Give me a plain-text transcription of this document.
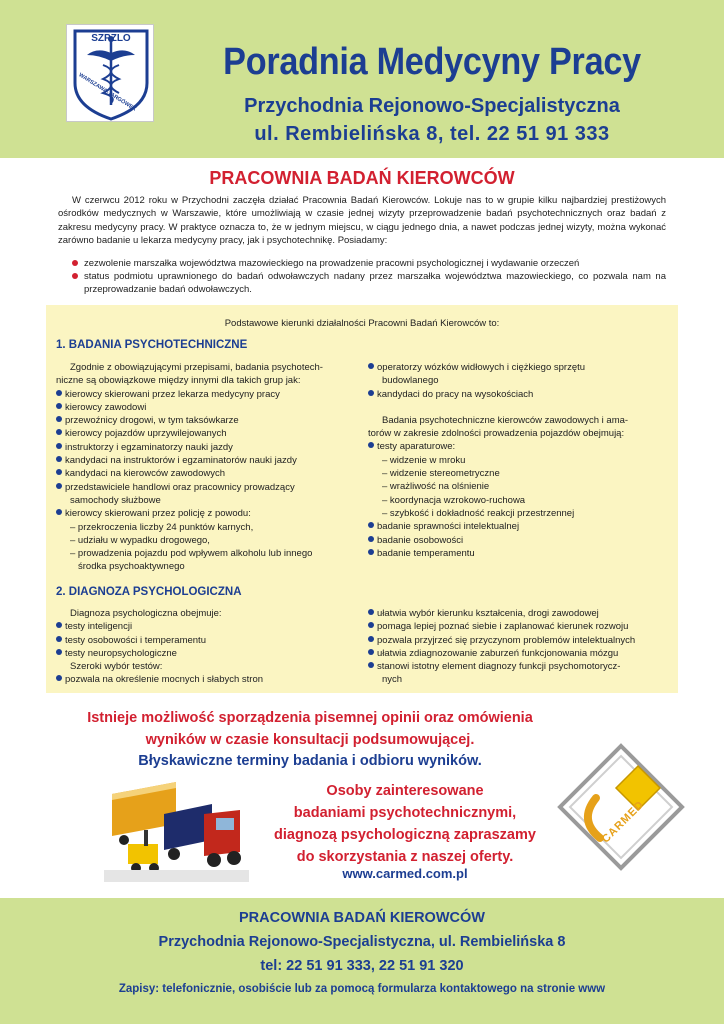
SZPZLO
WARSZAWA-TARGÓWEK
Poradnia Medycyny Pracy
Przychodnia Rejonowo-Specjalistyczna
ul. Rembielińska 8, tel. 22 51 91 333
PRACOWNIA BADAŃ KIEROWCÓW
W czerwcu 2012 roku w Przychodni zaczęła działać Pracownia Badań Kierowców. Lokuje nas to w grupie kilku najbardziej prestiżowych ośrodków medycznych w Warszawie, które umożliwiają w czasie jednej wizyty przeprowadzenie badań psychotechnicznych oraz badań z zakresu medycyny pracy. W praktyce oznacza to, że w jednym miejscu, w ciągu jednego dnia, a nawet podczas jednej wizyty, można wykonać zarówno badanie u lekarza medycyny pracy, jak i psychotechnikę. Posiadamy:
zezwolenie marszałka województwa mazowieckiego na prowadzenie pracowni psychologicznej i wydawanie orzeczeń
status podmiotu uprawnionego do badań odwoławczych nadany przez marszałka województwa mazowieckiego, co pozwala nam na przeprowadzanie badań odwoławczych.
Podstawowe kierunki działalności Pracowni Badań Kierowców to:
1. BADANIA PSYCHOTECHNICZNE
Zgodnie z obowiązującymi przepisami, badania psychotech-
niczne są obowiązkowe między innymi dla takich grup jak:
kierowcy skierowani przez lekarza medycyny pracy
kierowcy zawodowi
przewoźnicy drogowi, w tym taksówkarze
kierowcy pojazdów uprzywilejowanych
instruktorzy i egzaminatorzy nauki jazdy
kandydaci na instruktorów i egzaminatorów nauki jazdy
kandydaci na kierowców zawodowych
przedstawiciele handlowi oraz pracownicy prowadzący
samochody służbowe
kierowcy skierowani przez policję z powodu:
– przekroczenia liczby 24 punktów karnych,
– udziału w wypadku drogowego,
– prowadzenia pojazdu pod wpływem alkoholu lub innego
środka psychoaktywnego
operatorzy wózków widłowych i ciężkiego sprzętu
budowlanego
kandydaci do pracy na wysokościach
Badania psychotechniczne kierowców zawodowych i ama-
torów w zakresie zdolności prowadzenia pojazdów obejmują:
testy aparaturowe:
– widzenie w mroku
– widzenie stereometryczne
– wrażliwość na olśnienie
– koordynacja wzrokowo-ruchowa
– szybkość i dokładność reakcji przestrzennej
badanie sprawności intelektualnej
badanie osobowości
badanie temperamentu
2. DIAGNOZA PSYCHOLOGICZNA
Diagnoza psychologiczna obejmuje:
testy inteligencji
testy osobowości i temperamentu
testy neuropsychologiczne
Szeroki wybór testów:
pozwala na określenie mocnych i słabych stron
ułatwia wybór kierunku kształcenia, drogi zawodowej
pomaga lepiej poznać siebie i zaplanować kierunek rozwoju
pozwala przyjrzeć się przyczynom problemów intelektualnych
ułatwia zdiagnozowanie zaburzeń funkcjonowania mózgu
stanowi istotny element diagnozy funkcji psychomotorycz-
nych
Istnieje możliwość sporządzenia pisemnej opinii oraz omówienia
wyników w czasie konsultacji podsumowującej.
Błyskawiczne terminy badania i odbioru wyników.
Osoby zainteresowane
badaniami psychotechnicznymi,
diagnozą psychologiczną zapraszamy
do skorzystania z naszej oferty.
www.carmed.com.pl
CARMED
PRACOWNIA BADAŃ KIEROWCÓW
Przychodnia Rejonowo-Specjalistyczna, ul. Rembielińska 8
tel: 22 51 91 333, 22 51 91 320
Zapisy: telefonicznie, osobiście lub za pomocą formularza kontaktowego na stronie www
